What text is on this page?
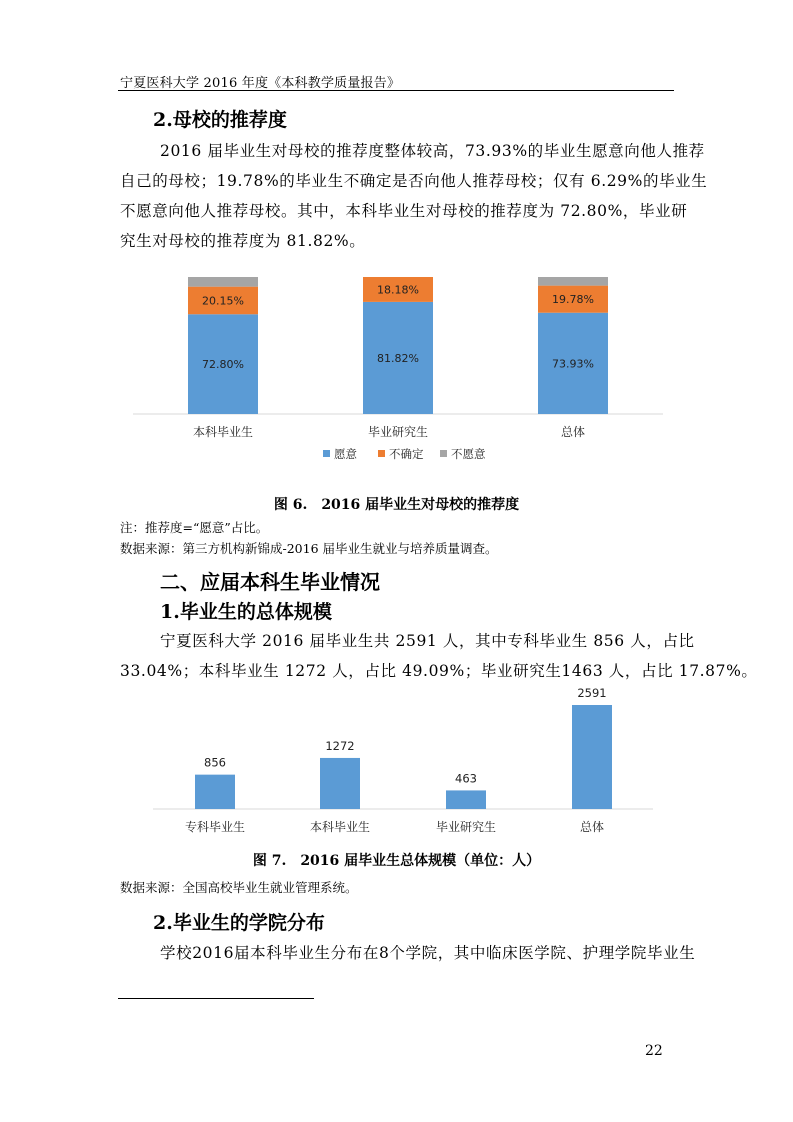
宁夏医科大学 2016 年度《本科教学质量报告》
2.母校的推荐度
2016 届毕业生对母校的推荐度整体较高，73.93%的毕业生愿意向他人推荐
自己的母校；19.78%的毕业生不确定是否向他人推荐母校；仅有 6.29%的毕业生
不愿意向他人推荐母校。其中，本科毕业生对母校的推荐度为 72.80%，毕业研
究生对母校的推荐度为 81.82%。
72.80%
20.15%
本科毕业生
81.82%
18.18%
毕业研究生
73.93%
19.78%
总体
愿意	不确定 不愿意
图 6.　2016 届毕业生对母校的推荐度
注：推荐度=“愿意”占比。
数据来源：第三方机构新锦成-2016 届毕业生就业与培养质量调查。
二、应届本科生毕业情况
1.毕业生的总体规模
宁夏医科大学 2016 届毕业生共 2591 人，其中专科毕业生 856 人，占比
33.04%；本科毕业生 1272 人，占比 49.09%；毕业研究生1463 人，占比 17.87%。
856
专科毕业生
1272
本科毕业生
463
毕业研究生
2591
总体
图 7.　2016 届毕业生总体规模（单位：人）
数据来源：全国高校毕业生就业管理系统。
2.毕业生的学院分布
学校2016届本科毕业生分布在8个学院，其中临床医学院、护理学院毕业生
22
